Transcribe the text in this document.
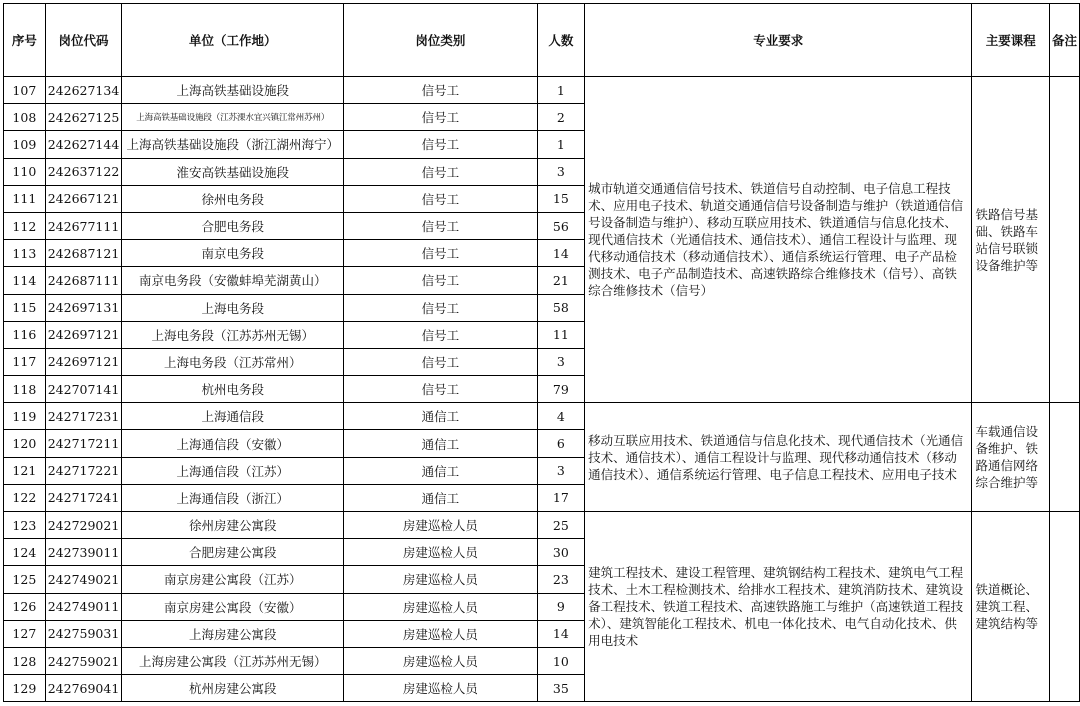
序号	岗位代码	单位（工作地）	岗位类别	人数	专业要求	主要课程	备注
107	242627134	上海高铁基础设施段	信号工	1	城市轨道交通通信信号技术、铁道信号自动控制、电子信息工程技术、应用电子技术、轨道交通通信信号设备制造与维护（铁道通信信号设备制造与维护）、移动互联应用技术、铁道通信与信息化技术、现代通信技术（光通信技术、通信技术）、通信工程设计与监理、现代移动通信技术（移动通信技术）、通信系统运行管理、电子产品检测技术、电子产品制造技术、高速铁路综合维修技术（信号）、高铁综合维修技术（信号）	铁路信号基础、铁路车站信号联锁设备维护等	
108	242627125	上海高铁基础设施段（江苏溧水宜兴镇江常州苏州）	信号工	2			
109	242627144	上海高铁基础设施段（浙江湖州海宁）	信号工	1			
110	242637122	淮安高铁基础设施段	信号工	3			
111	242667121	徐州电务段	信号工	15			
112	242677111	合肥电务段	信号工	56			
113	242687121	南京电务段	信号工	14			
114	242687111	南京电务段（安徽蚌埠芜湖黄山）	信号工	21			
115	242697131	上海电务段	信号工	58			
116	242697121	上海电务段（江苏苏州无锡）	信号工	11			
117	242697121	上海电务段（江苏常州）	信号工	3			
118	242707141	杭州电务段	信号工	79			
119	242717231	上海通信段	通信工	4	移动互联应用技术、铁道通信与信息化技术、现代通信技术（光通信技术、通信技术）、通信工程设计与监理、现代移动通信技术（移动通信技术）、通信系统运行管理、电子信息工程技术、应用电子技术	车载通信设备维护、铁路通信网络综合维护等	
120	242717211	上海通信段（安徽）	通信工	6			
121	242717221	上海通信段（江苏）	通信工	3			
122	242717241	上海通信段（浙江）	通信工	17			
123	242729021	徐州房建公寓段	房建巡检人员	25	建筑工程技术、建设工程管理、建筑钢结构工程技术、建筑电气工程技术、土木工程检测技术、给排水工程技术、建筑消防技术、建筑设备工程技术、铁道工程技术、高速铁路施工与维护（高速铁道工程技术）、建筑智能化工程技术、机电一体化技术、电气自动化技术、供用电技术	铁道概论、建筑工程、建筑结构等	
124	242739011	合肥房建公寓段	房建巡检人员	30			
125	242749021	南京房建公寓段（江苏）	房建巡检人员	23			
126	242749011	南京房建公寓段（安徽）	房建巡检人员	9			
127	242759031	上海房建公寓段	房建巡检人员	14			
128	242759021	上海房建公寓段（江苏苏州无锡）	房建巡检人员	10			
129	242769041	杭州房建公寓段	房建巡检人员	35			
